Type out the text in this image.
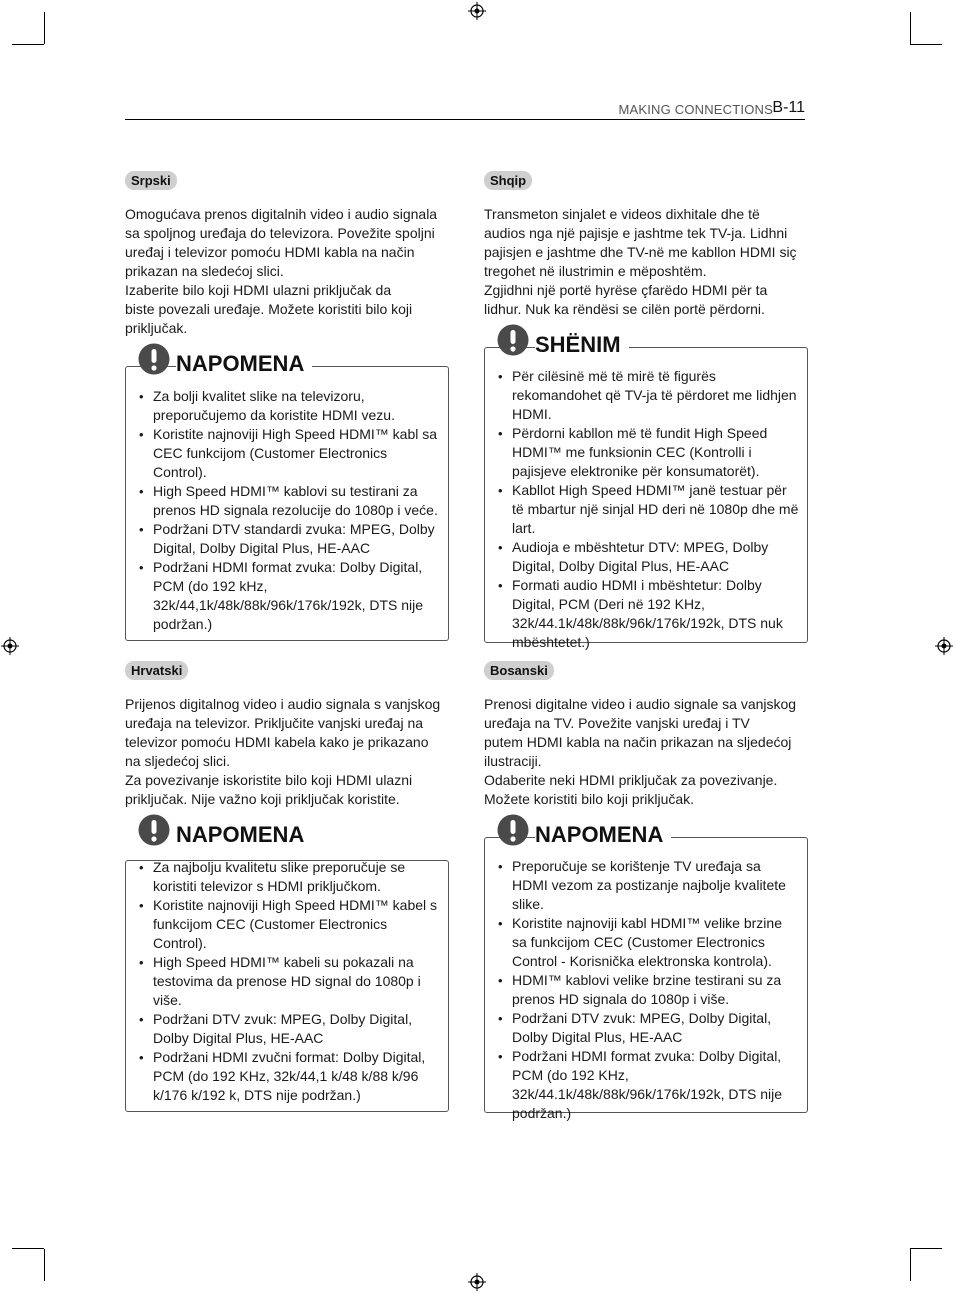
MAKING CONNECTIONS B-11
Srpski

Omogućava prenos digitalnih video i audio signala
sa spoljnog uređaja do televizora. Povežite spoljni
uređaj i televizor pomoću HDMI kabla na način
prikazan na sledećoj slici.
Izaberite bilo koji HDMI ulazni priključak da
biste povezali uređaje. Možete koristiti bilo koji
priključak.

• Za bolji kvalitet slike na televizoru, preporučujemo da koristite HDMI vezu.
• Koristite najnoviji High Speed HDMI™ kabl sa CEC funkcijom (Customer Electronics Control).
• High Speed HDMI™ kablovi su testirani za prenos HD signala rezolucije do 1080p i veće.
• Podržani DTV standardi zvuka: MPEG, Dolby Digital, Dolby Digital Plus, HE-AAC
• Podržani HDMI format zvuka: Dolby Digital, PCM (do 192 kHz, 32k/44,1k/48k/88k/96k/176k/192k, DTS nije podržan.)
NAPOMENA
Shqip

Transmeton sinjalet e videos dixhitale dhe të
audios nga një pajisje e jashtme tek TV-ja. Lidhni
pajisjen e jashtme dhe TV-në me kabllon HDMI siç
tregohet në ilustrimin e mëposhtëm.
Zgjidhni një portë hyrëse çfarëdo HDMI për ta
lidhur. Nuk ka rëndësi se cilën portë përdorni.

• Për cilësinë më të mirë të figurës rekomandohet që TV-ja të përdoret me lidhjen HDMI.
• Përdorni kabllon më të fundit High Speed HDMI™ me funksionin CEC (Kontrolli i pajisjeve elektronike për konsumatorët).
• Kabllot High Speed HDMI™ janë testuar për të mbartur një sinjal HD deri në 1080p dhe më lart.
• Audioja e mbështetur DTV: MPEG, Dolby Digital, Dolby Digital Plus, HE-AAC
• Formati audio HDMI i mbështetur: Dolby Digital, PCM (Deri në 192 KHz, 32k/44.1k/48k/88k/96k/176k/192k, DTS nuk mbështetet.)
SHËNIM
Hrvatski

Prijenos digitalnog video i audio signala s vanjskog
uređaja na televizor. Priključite vanjski uređaj na
televizor pomoću HDMI kabela kako je prikazano
na sljedećoj slici.
Za povezivanje iskoristite bilo koji HDMI ulazni
priključak. Nije važno koji priključak koristite.

• Za najbolju kvalitetu slike preporučuje se koristiti televizor s HDMI priključkom.
• Koristite najnoviji High Speed HDMI™ kabel s funkcijom CEC (Customer Electronics Control).
• High Speed HDMI™ kabeli su pokazali na testovima da prenose HD signal do 1080p i više.
• Podržani DTV zvuk: MPEG, Dolby Digital, Dolby Digital Plus, HE-AAC
• Podržani HDMI zvučni format: Dolby Digital, PCM (do 192 KHz, 32k/44,1 k/48 k/88 k/96 k/176 k/192 k, DTS nije podržan.)
NAPOMENA
Bosanski

Prenosi digitalne video i audio signale sa vanjskog
uređaja na TV. Povežite vanjski uređaj i TV
putem HDMI kabla na način prikazan na sljedećoj
ilustraciji.
Odaberite neki HDMI priključak za povezivanje.
Možete koristiti bilo koji priključak.

• Preporučuje se korištenje TV uređaja sa HDMI vezom za postizanje najbolje kvalitete slike.
• Koristite najnoviji kabl HDMI™ velike brzine sa funkcijom CEC (Customer Electronics Control - Korisnička elektronska kontrola).
• HDMI™ kablovi velike brzine testirani su za prenos HD signala do 1080p i više.
• Podržani DTV zvuk: MPEG, Dolby Digital, Dolby Digital Plus, HE-AAC
• Podržani HDMI format zvuka: Dolby Digital, PCM (do 192 KHz, 32k/44.1k/48k/88k/96k/176k/192k, DTS nije podržan.)
NAPOMENA
